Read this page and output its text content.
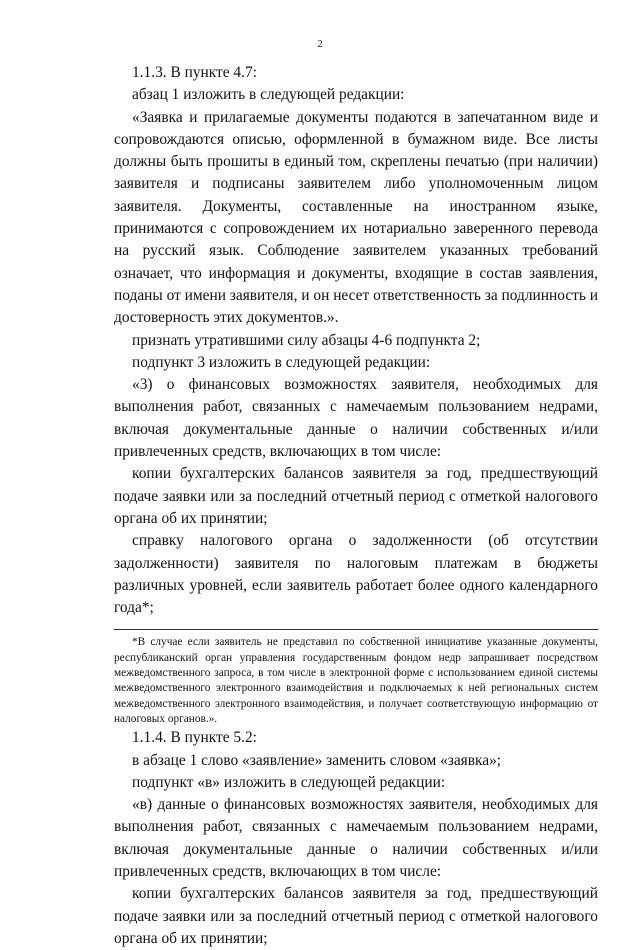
2

1.1.3. В пункте 4.7:

абзац 1 изложить в следующей редакции:

«Заявка и прилагаемые документы подаются в запечатанном виде и сопровождаются описью, оформленной в бумажном виде. Все листы должны быть прошиты в единый том, скреплены печатью (при наличии) заявителя и подписаны заявителем либо уполномоченным лицом заявителя. Документы, составленные на иностранном языке, принимаются с сопровождением их нотариально заверенного перевода на русский язык. Соблюдение заявителем указанных требований означает, что информация и документы, входящие в состав заявления, поданы от имени заявителя, и он несет ответственность за подлинность и достоверность этих документов.».

признать утратившими силу абзацы 4-6 подпункта 2;

подпункт 3 изложить в следующей редакции:

«3) о финансовых возможностях заявителя, необходимых для выполнения работ, связанных с намечаемым пользованием недрами, включая документальные данные о наличии собственных и/или привлеченных средств, включающих в том числе:

копии бухгалтерских балансов заявителя за год, предшествующий подаче заявки или за последний отчетный период с отметкой налогового органа об их принятии;

справку налогового органа о задолженности (об отсутствии задолженности) заявителя по налоговым платежам в бюджеты различных уровней, если заявитель работает более одного календарного года*;

*В случае если заявитель не представил по собственной инициативе указанные документы, республиканский орган управления государственным фондом недр запрашивает посредством межведомственного запроса, в том числе в электронной форме с использованием единой системы межведомственного электронного взаимодействия и подключаемых к ней региональных систем межведомственного электронного взаимодействия, и получает соответствующую информацию от налоговых органов.».

1.1.4. В пункте 5.2:

в абзаце 1 слово «заявление» заменить словом «заявка»;

подпункт «в» изложить в следующей редакции:

«в) данные о финансовых возможностях заявителя, необходимых для выполнения работ, связанных с намечаемым пользованием недрами, включая документальные данные о наличии собственных и/или привлеченных средств, включающих в том числе:

копии бухгалтерских балансов заявителя за год, предшествующий подаче заявки или за последний отчетный период с отметкой налогового органа об их принятии;
